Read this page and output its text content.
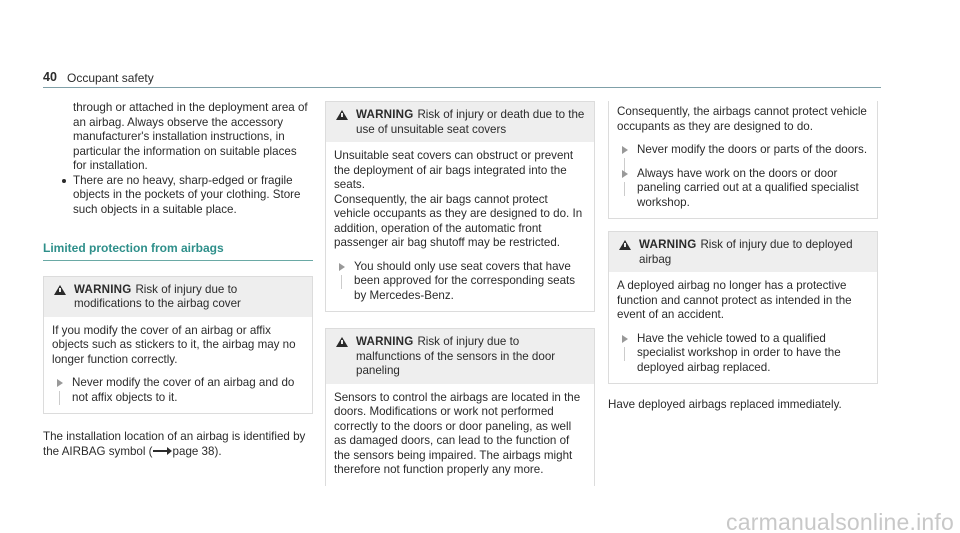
40 Occupant safety

through or attached in the deployment area of an airbag. Always observe the accessory manufacturer's installation instructions, in particular the information on suitable places for installation.

There are no heavy, sharp-edged or fragile objects in the pockets of your clothing. Store such objects in a suitable place.
Limited protection from airbags
WARNING Risk of injury due to modifications to the airbag cover

If you modify the cover of an airbag or affix objects such as stickers to it, the airbag may no longer function correctly.

Never modify the cover of an airbag and do not affix objects to it.

The installation location of an airbag is identified by the AIRBAG symbol ( page 38).

WARNING Risk of injury or death due to the use of unsuitable seat covers

Unsuitable seat covers can obstruct or prevent the deployment of air bags integrated into the seats.

Consequently, the air bags cannot protect vehicle occupants as they are designed to do. In addition, operation of the automatic front passenger air bag shutoff may be restricted.

You should only use seat covers that have been approved for the corresponding seats by Mercedes-Benz.
WARNING Risk of injury due to malfunctions of the sensors in the door paneling

Sensors to control the airbags are located in the doors. Modifications or work not performed correctly to the doors or door paneling, as well as damaged doors, can lead to the function of the sensors being impaired. The airbags might therefore not function properly any more.

Consequently, the airbags cannot protect vehicle occupants as they are designed to do.

Never modify the doors or parts of the doors.
Always have work on the doors or door paneling carried out at a qualified specialist workshop.
WARNING Risk of injury due to deployed airbag

A deployed airbag no longer has a protective function and cannot protect as intended in the event of an accident.

Have the vehicle towed to a qualified specialist workshop in order to have the deployed airbag replaced.

Have deployed airbags replaced immediately.

carmanualsonline.info
